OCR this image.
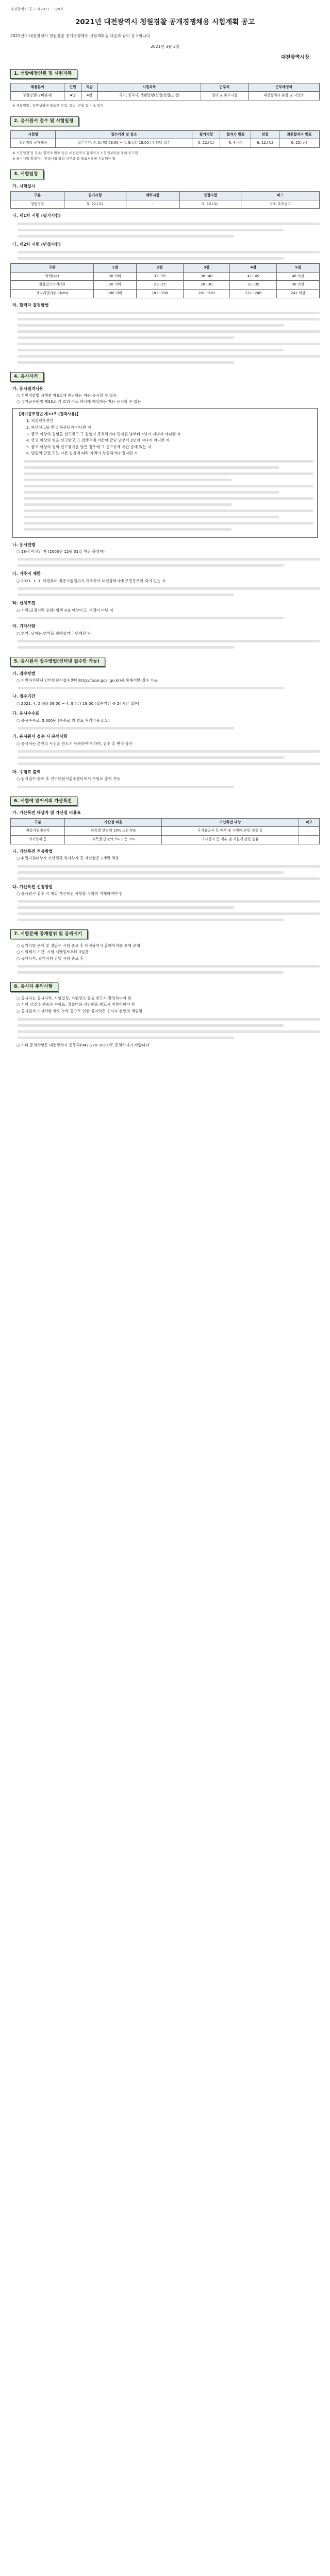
대전광역시 공고 제2021 - 328호
2021년 대전광역시 청원경찰 공개경쟁채용 시험계획 공고
2021년도 대전광역시 청원경찰 공개경쟁채용 시험계획을 다음과 같이 공고합니다.
2021년 3월 3일
대전광역시장
1. 선발예정인원 및 시험과목
채용분야	인원	직급	시험과목	근무처	근무예정처
청원경찰(경비분야)	4명	4명	국어, 한국사, 생활법령(헌법/형법/민법)	청사 및 주요시설	대전광역시 본청 및 사업소
※ 생활법령 : 일반생활에 필요한 헌법, 형법, 민법 등 기초 법령
2. 응시원서 접수 및 시험일정
시험명	접수기간 및 장소	필기시험	합격자 발표	면접	최종합격자 발표
청원경찰 공개채용	접수기간: 4. 5.(월) 09:00 ~ 4. 9.(금) 18:00 / 인터넷 접수	5. 22.(토)	6. 4.(금)	6. 12.(토)	6. 25.(금)
※ 시험일정 및 장소, 합격자 발표 등은 대전광역시 홈페이지 시험정보란을 통해 공고함
※ 필기시험 합격자는 면접시험 당일 신분증 등 필요서류를 지참해야 함
3. 시험일정
가. 시험일시
구분	필기시험	체력시험	면접시험	비고
청원경찰	5. 22.(토)	-	6. 12.(토)	장소 추후공고
나. 제1차 시험 (필기시험)
다. 제2차 시험 (면접시험)
구분	1점	2점	3점	4점	5점
악력(kg)	30 이하	31~35	36~40	41~45	46 이상
윗몸일으키기(회)	20 이하	21~25	26~30	31~35	36 이상
제자리멀리뛰기(cm)	180 이하	181~200	201~220	221~240	241 이상
라. 합격자 결정방법
4. 응시자격
가. 응시결격사유
○ 청원경찰법 시행령 제3조에 해당하는 자는 응시할 수 없음
○ 국가공무원법 제33조 각 호의 어느 하나에 해당하는 자는 응시할 수 없음
【국가공무원법 제33조 (결격사유)】
1. 피성년후견인
2. 파산선고를 받고 복권되지 아니한 자
3. 금고 이상의 실형을 선고받고 그 집행이 종료되거나 면제된 날부터 5년이 지나지 아니한 자
4. 금고 이상의 형을 선고받고 그 집행유예 기간이 끝난 날부터 2년이 지나지 아니한 자
5. 금고 이상의 형의 선고유예를 받은 경우에 그 선고유예 기간 중에 있는 자
6. 법원의 판결 또는 다른 법률에 따라 자격이 상실되거나 정지된 자
나. 응시연령
○ 18세 이상인 자 (2003년 12월 31일 이전 출생자)
다. 거주지 제한
○ 2021. 1. 1. 이전부터 최종시험일까지 계속하여 대전광역시에 주민등록이 되어 있는 자
라. 신체조건
○ 시력(교정시력 포함) 양쪽 0.8 이상이고, 색맹이 아닌 자
마. 기타사항
○ 병역: 남자는 병역을 필하였거나 면제된 자
5. 응시원서 접수방법(인터넷 접수만 가능)
가. 접수방법
○ 지방자치단체 인터넷원서접수센터(http://local.gosi.go.kr)를 통해서만 접수 가능
나. 접수기간
○ 2021. 4. 5.(월) 09:00 ~ 4. 9.(금) 18:00 (접수기간 중 24시간 접수)
다. 응시수수료
○ 응시수수료: 5,000원 (수수료 외 별도 처리비용 소요)
라. 응시원서 접수 시 유의사항
○ 응시자는 본인의 사진을 반드시 등록하여야 하며, 접수 후 변경 불가
마. 수험표 출력
○ 원서접수 완료 후 인터넷원서접수센터에서 수험표 출력 가능
6. 시험에 있어서의 가산특전
가. 가산특전 대상자 및 가산점 비율표
구분	가산점 비율	가산특전 대상	비고
취업지원대상자	과목별 만점의 10% 또는 5%	국가유공자 등 예우 및 지원에 관한 법률 등	-
의사상자 등	과목별 만점의 5% 또는 3%	의사상자 등 예우 및 지원에 관한 법률	-
나. 가산특전 적용방법
○ 취업지원대상자 가산점과 의사상자 등 가산점은 1개만 적용
다. 가산특전 신청방법
○ 응시원서 접수 시 해당 가산특전 사항을 정확히 기재하여야 함
7. 시험문제 공개범위 및 공개시기
○ 필기시험 문제 및 정답은 시험 종료 후 대전광역시 홈페이지를 통해 공개
○ 이의제기 기간: 시험 시행일로부터 3일간
○ 공개시기: 필기시험 당일 시험 종료 후
8. 응시자 주의사항
○ 응시자는 응시자격, 시험일정, 시험장소 등을 반드시 확인하여야 함
○ 시험 당일 신분증과 수험표, 컴퓨터용 사인펜을 반드시 지참하여야 함
○ 응시원서 기재사항 착오·누락 등으로 인한 불이익은 응시자 본인의 책임임
○ 기타 문의사항은 대전광역시 총무과(042-270-3872)로 문의하시기 바랍니다.
